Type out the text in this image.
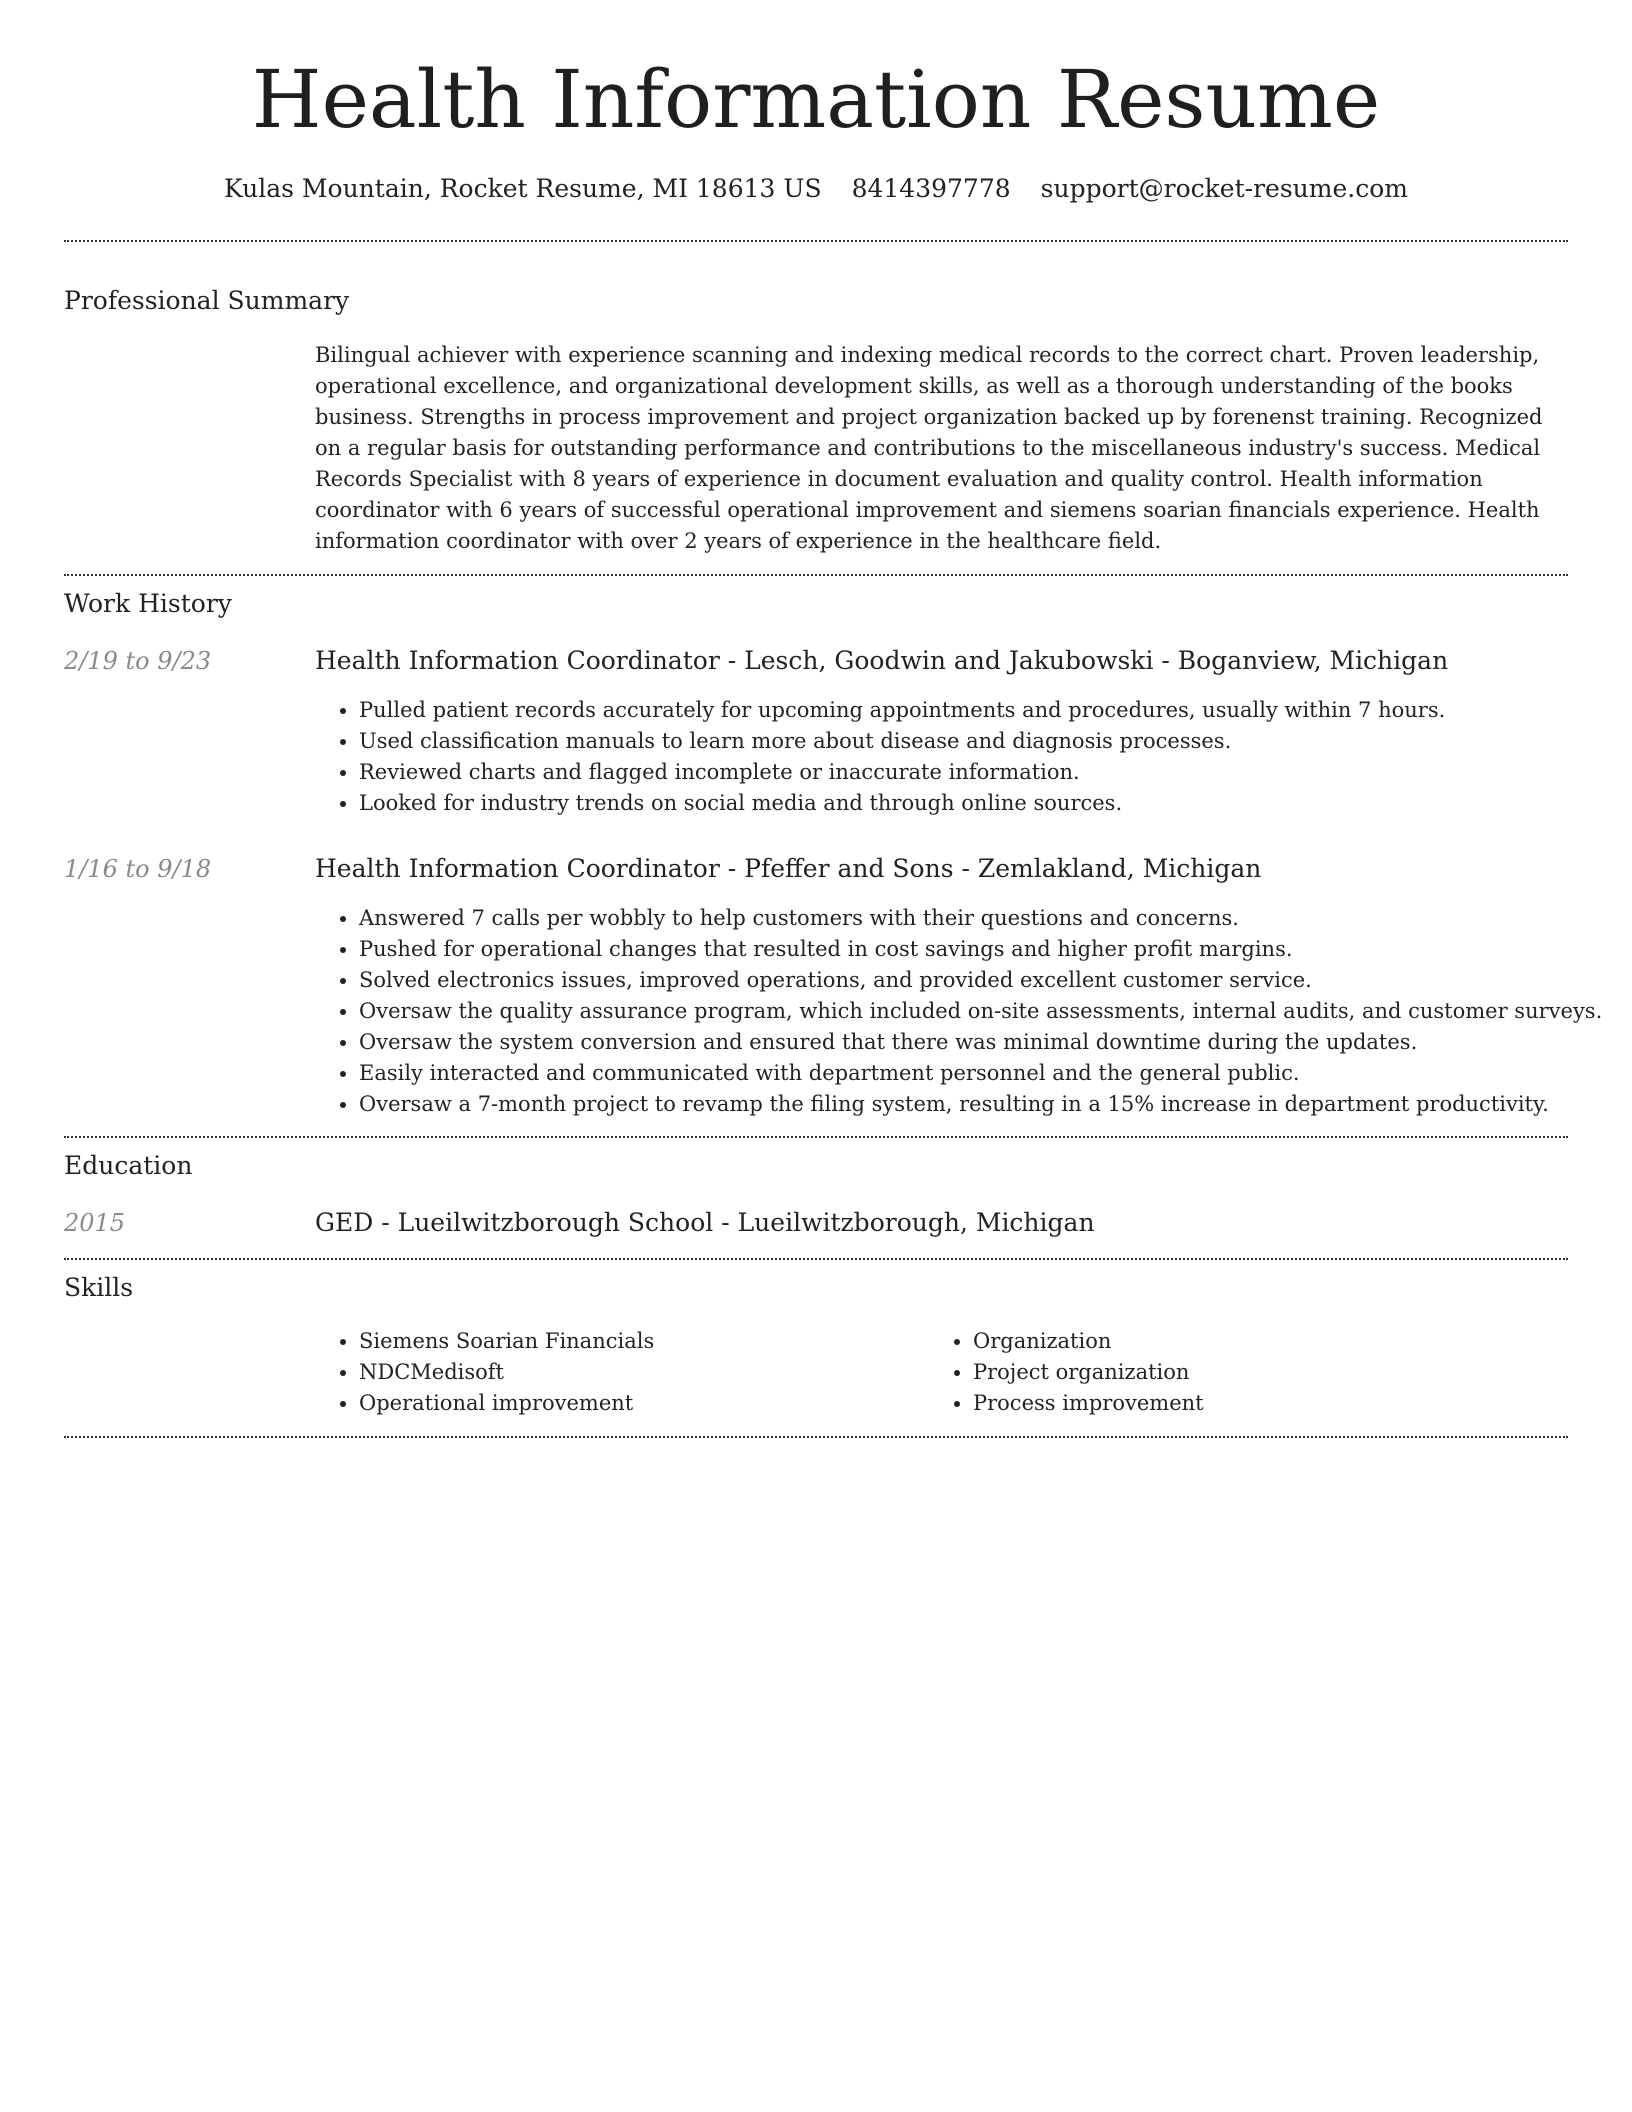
Health Information Resume
Kulas Mountain, Rocket Resume, MI 18613 US 8414397778 support@rocket-resume.com
Professional Summary

Bilingual achiever with experience scanning and indexing medical records to the correct chart. Proven leadership, operational excellence, and organizational development skills, as well as a thorough understanding of the books business. Strengths in process improvement and project organization backed up by forenenst training. Recognized on a regular basis for outstanding performance and contributions to the miscellaneous industry's success. Medical Records Specialist with 8 years of experience in document evaluation and quality control. Health information coordinator with 6 years of successful operational improvement and siemens soarian financials experience. Health information coordinator with over 2 years of experience in the healthcare field.

Work History
2/19 to 9/23	Health Information Coordinator - Lesch, Goodwin and Jakubowski - Boganview, Michigan
• Pulled patient records accurately for upcoming appointments and procedures, usually within 7 hours.
• Used classification manuals to learn more about disease and diagnosis processes.
• Reviewed charts and flagged incomplete or inaccurate information.
• Looked for industry trends on social media and through online sources.
1/16 to 9/18	Health Information Coordinator - Pfeffer and Sons - Zemlakland, Michigan
• Answered 7 calls per wobbly to help customers with their questions and concerns.
• Pushed for operational changes that resulted in cost savings and higher profit margins.
• Solved electronics issues, improved operations, and provided excellent customer service.
• Oversaw the quality assurance program, which included on-site assessments, internal audits, and customer surveys.
• Oversaw the system conversion and ensured that there was minimal downtime during the updates.
• Easily interacted and communicated with department personnel and the general public.
• Oversaw a 7-month project to revamp the filing system, resulting in a 15% increase in department productivity.
Education
2015	GED - Lueilwitzborough School - Lueilwitzborough, Michigan
Skills
• Siemens Soarian Financials
• NDCMedisoft
• Operational improvement
• Organization
• Project organization
• Process improvement
